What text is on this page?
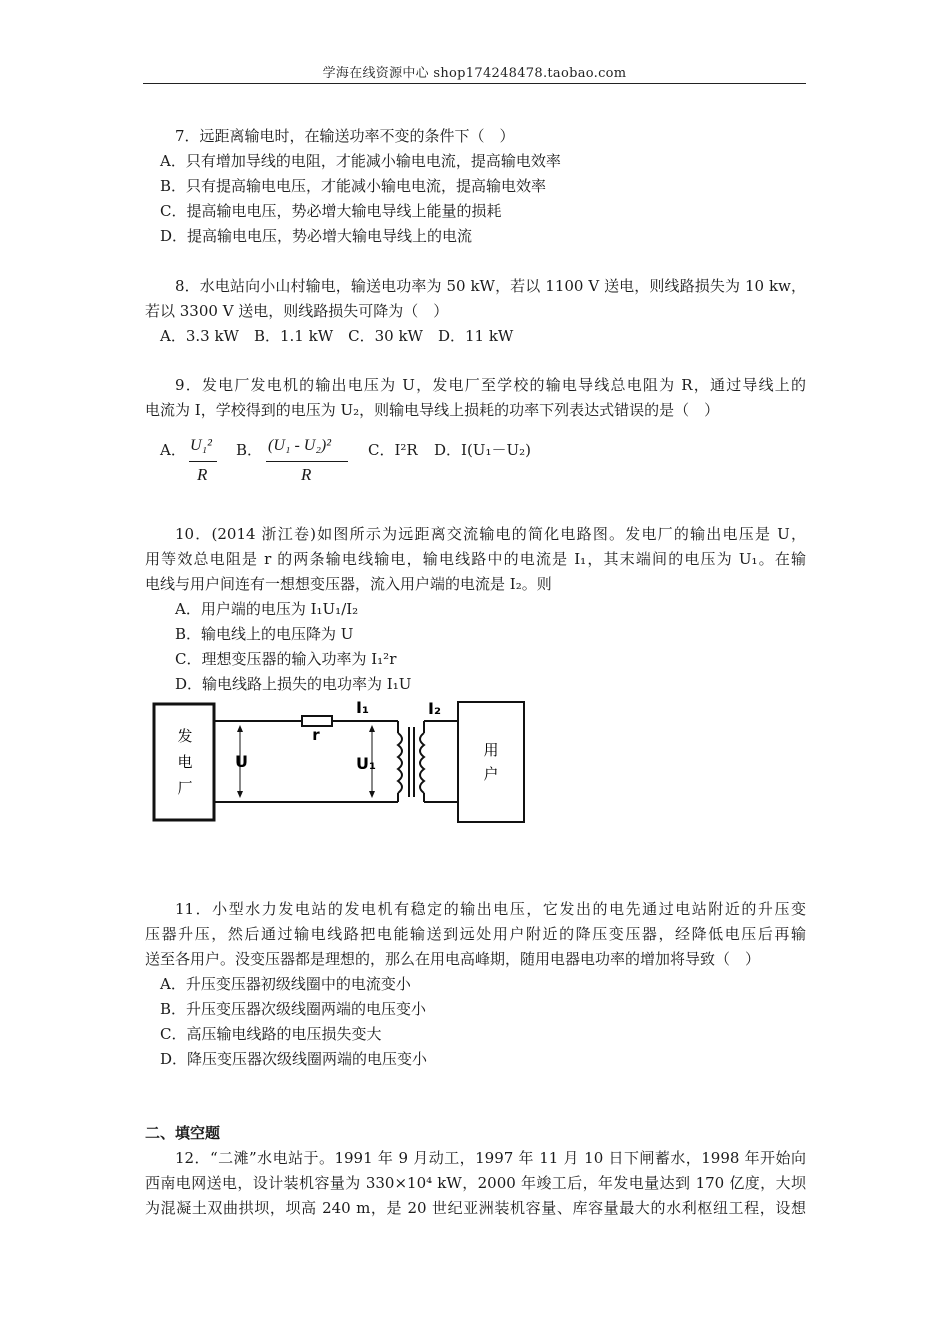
学海在线资源中心 shop174248478.taobao.com
7．远距离输电时，在输送功率不变的条件下（　）
A．只有增加导线的电阻，才能减小输电电流，提高输电效率
B．只有提高输电电压，才能减小输电电流，提高输电效率
C．提高输电电压，势必增大输电导线上能量的损耗
D．提高输电电压，势必增大输电导线上的电流
8．水电站向小山村输电，输送电功率为 50 kW，若以 1100 V 送电，则线路损失为 10 kw，
若以 3300 V 送电，则线路损失可降为（　）
A．3.3 kW　B．1.1 kW　C．30 kW　D．11 kW
9．发电厂发电机的输出电压为 U，发电厂至学校的输电导线总电阻为 R，通过导线上的
电流为 I，学校得到的电压为 U₂，则输电导线上损耗的功率下列表达式错误的是（　）
A． U₁²
R
B． (U₁ - U₂)²
R
C．I²R D．I(U₁－U₂)
10．(2014 浙江卷)如图所示为远距离交流输电的简化电路图。发电厂的输出电压是 U，
用等效总电阻是 r 的两条输电线输电，输电线路中的电流是 I₁，其末端间的电压为 U₁。在输
电线与用户间连有一想想变压器，流入用户端的电流是 I₂。则
A．用户端的电压为 I₁U₁/I₂
B．输电线上的电压降为 U
C．理想变压器的输入功率为 I₁²r
D．输电线路上损失的电功率为 I₁U
发
电
厂
r
U
I₁
U₁
I₂
用
户
11．小型水力发电站的发电机有稳定的输出电压，它发出的电先通过电站附近的升压变
压器升压，然后通过输电线路把电能输送到远处用户附近的降压变压器，经降低电压后再输
送至各用户。没变压器都是理想的，那么在用电高峰期，随用电器电功率的增加将导致（　）
A．升压变压器初级线圈中的电流变小
B．升压变压器次级线圈两端的电压变小
C．高压输电线路的电压损失变大
D．降压变压器次级线圈两端的电压变小
二、填空题
12．“二滩”水电站于。1991 年 9 月动工，1997 年 11 月 10 日下闸蓄水，1998 年开始向
西南电网送电，设计装机容量为 330×10⁴ kW，2000 年竣工后，年发电量达到 170 亿度，大坝
为混凝土双曲拱坝，坝高 240 m，是 20 世纪亚洲装机容量、库容量最大的水利枢纽工程，设想
